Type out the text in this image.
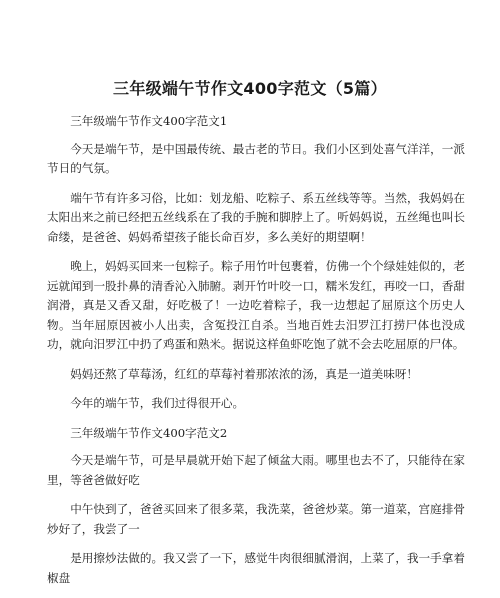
三年级端午节作文400字范文（5篇）

三年级端午节作文400字范文1

今天是端午节，是中国最传统、最古老的节日。我们小区到处喜气洋洋，一派节日的气氛。

端午节有许多习俗，比如：划龙船、吃粽子、系五丝线等等。当然，我妈妈在太阳出来之前已经把五丝线系在了我的手腕和脚脖上了。听妈妈说，五丝绳也叫长命缕，是爸爸、妈妈希望孩子能长命百岁，多么美好的期望啊！

晚上，妈妈买回来一包粽子。粽子用竹叶包裹着，仿佛一个个绿娃娃似的，老远就闻到一股扑鼻的清香沁入肺腑。剥开竹叶咬一口，糯米发红，再咬一口，香甜润滑，真是又香又甜，好吃极了！一边吃着粽子，我一边想起了屈原这个历史人物。当年屈原因被小人出卖，含冤投江自杀。当地百姓去汨罗江打捞尸体也没成功，就向汨罗江中扔了鸡蛋和熟米。据说这样鱼虾吃饱了就不会去吃屈原的尸体。

妈妈还熬了草莓汤，红红的草莓衬着那浓浓的汤，真是一道美味呀！

今年的端午节，我们过得很开心。

三年级端午节作文400字范文2

今天是端午节，可是早晨就开始下起了倾盆大雨。哪里也去不了，只能待在家里，等爸爸做好吃

中午快到了，爸爸买回来了很多菜，我洗菜，爸爸炒菜。第一道菜，宫庭排骨炒好了，我尝了一

是用擦炒法做的。我又尝了一下，感觉牛肉很细腻滑润，上菜了，我一手拿着椒盘
